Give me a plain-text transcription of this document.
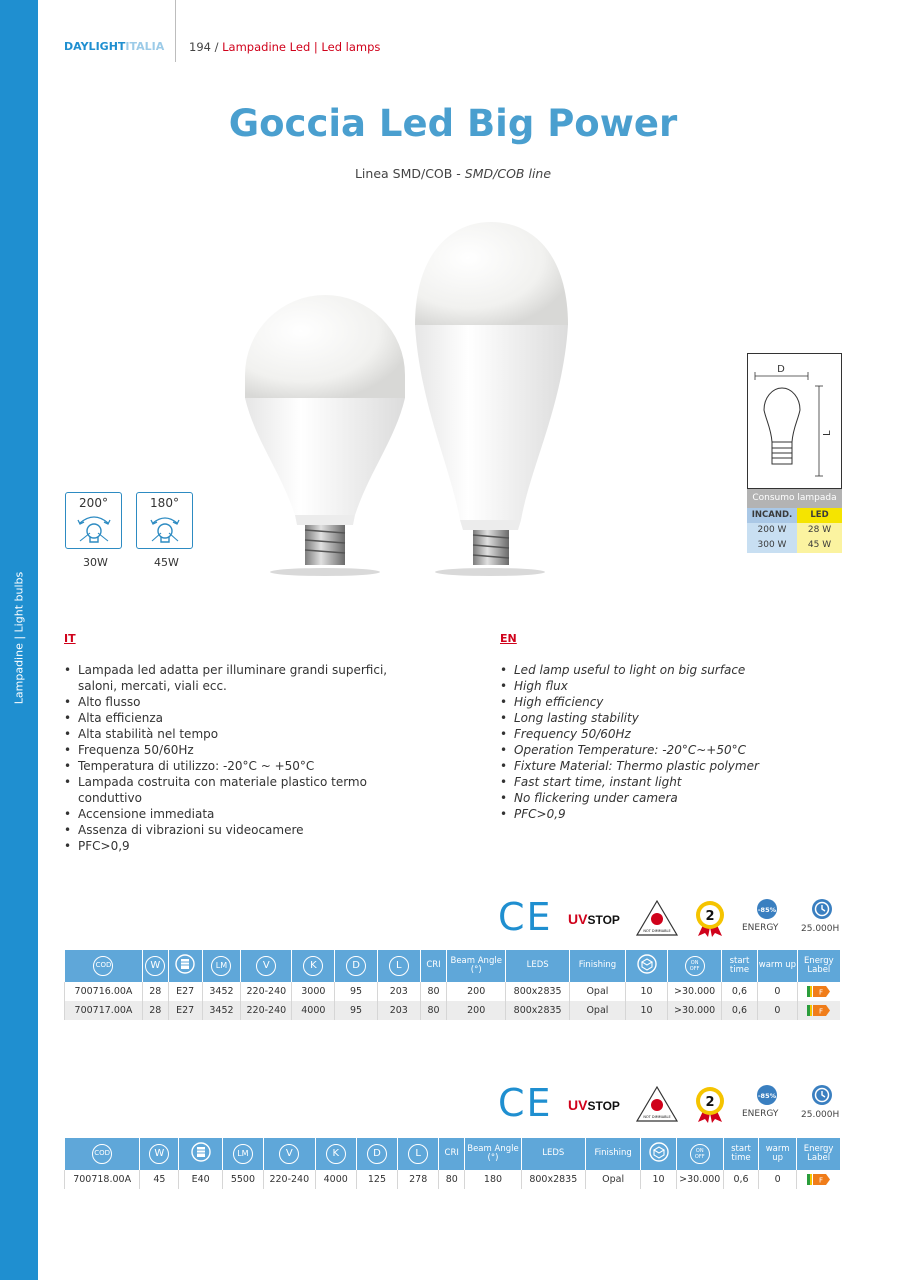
Lampadine | Light bulbs
DAYLIGHTITALIA 194 / Lampadine Led | Led lamps
Goccia Led Big Power
Linea SMD/COB - SMD/COB line
200°
30W
180°
45W
D
L
Consumo lampada
INCAND.	LED
200 W	28 W
300 W	45 W
IT
• Lampada led adatta per illuminare grandi superfici, saloni, mercati, viali ecc.
• Alto flusso
• Alta efficienza
• Alta stabilità nel tempo
• Frequenza 50/60Hz
• Temperatura di utilizzo: -20°C ~ +50°C
• Lampada costruita con materiale plastico termo conduttivo
• Accensione immediata
• Assenza di vibrazioni su videocamere
• PFC>0,9
EN
• Led lamp useful to light on big surface
• High flux
• High efficiency
• Long lasting stability
• Frequency 50/60Hz
• Operation Temperature: -20°C~+50°C
• Fixture Material: Thermo plastic polymer
• Fast start time, instant light
• No flickering under camera
• PFC>0,9
CE UVSTOP
NOT DIMMABLE
2	-85%
ENERGY	25.000H
CE UVSTOP
NOT DIMMABLE
2	-85%
ENERGY	25.000H
COD	W		LM	V	K	D	L	CRI	Beam Angle (°)	LEDS	Finishing		ON OFF	start time	warm up	Energy Label
700716.00A	28	E27	3452	220-240	3000	95	203	80	200	800x2835	Opal	10	>30.000	0,6	0	F

700717.00A	28	E27	3452	220-240	4000	95	203	80	200	800x2835	Opal	10	>30.000	0,6	0	F
COD	W		LM	V	K	D	L	CRI	Beam Angle (°)	LEDS	Finishing		ON OFF	start time	warm up	Energy Label
700718.00A	45	E40	5500	220-240	4000	125	278	80	180	800x2835	Opal	10	>30.000	0,6	0	F
